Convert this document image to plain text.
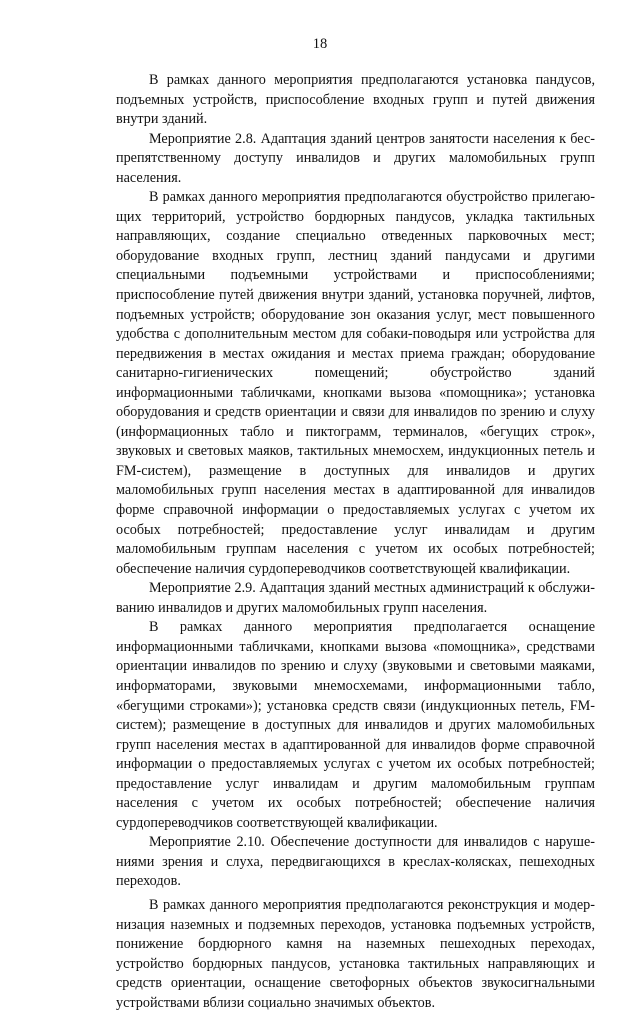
18

В рамках данного мероприятия предполагаются установка пандусов, подъемных устройств, приспособление входных групп и путей движения внутри зданий.

Мероприятие 2.8. Адаптация зданий центров занятости населения к беспрепятственному доступу инвалидов и других маломобильных групп населения.

В рамках данного мероприятия предполагаются обустройство прилегающих территорий, устройство бордюрных пандусов, укладка тактильных направляющих, создание специально отведенных парковочных мест; оборудование входных групп, лестниц зданий пандусами и другими специальными подъемными устройствами и приспособлениями; приспособление путей движения внутри зданий, установка поручней, лифтов, подъемных устройств; оборудование зон оказания услуг, мест повышенного удобства с дополнительным местом для собаки-поводыря или устройства для передвижения в местах ожидания и местах приема граждан; оборудование санитарно-гигиенических помещений; обустройство зданий информационными табличками, кнопками вызова «помощника»; установка оборудования и средств ориентации и связи для инвалидов по зрению и слуху (информационных табло и пиктограмм, терминалов, «бегущих строк», звуковых и световых маяков, тактильных мнемосхем, индукционных петель и FM-систем), размещение в доступных для инвалидов и других маломобильных групп населения местах в адаптированной для инвалидов форме справочной информации о предоставляемых услугах с учетом их особых потребностей; предоставление услуг инвалидам и другим маломобильным группам населения с учетом их особых потребностей; обеспечение наличия сурдопереводчиков соответствующей квалификации.

Мероприятие 2.9. Адаптация зданий местных администраций к обслуживанию инвалидов и других маломобильных групп населения.

В рамках данного мероприятия предполагается оснащение информационными табличками, кнопками вызова «помощника», средствами ориентации инвалидов по зрению и слуху (звуковыми и световыми маяками, информаторами, звуковыми мнемосхемами, информационными табло, «бегущими строками»); установка средств связи (индукционных петель, FM-систем); размещение в доступных для инвалидов и других маломобильных групп населения местах в адаптированной для инвалидов форме справочной информации о предоставляемых услугах с учетом их особых потребностей; предоставление услуг инвалидам и другим маломобильным группам населения с учетом их особых потребностей; обеспечение наличия сурдопереводчиков соответствующей квалификации.

Мероприятие 2.10. Обеспечение доступности для инвалидов с нарушениями зрения и слуха, передвигающихся в креслах-колясках, пешеходных переходов.

В рамках данного мероприятия предполагаются реконструкция и модернизация наземных и подземных переходов, установка подъемных устройств, понижение бордюрного камня на наземных пешеходных переходах, устройство бордюрных пандусов, установка тактильных направляющих и средств ориентации, оснащение светофорных объектов звукосигнальными устройствами вблизи социально значимых объектов.
